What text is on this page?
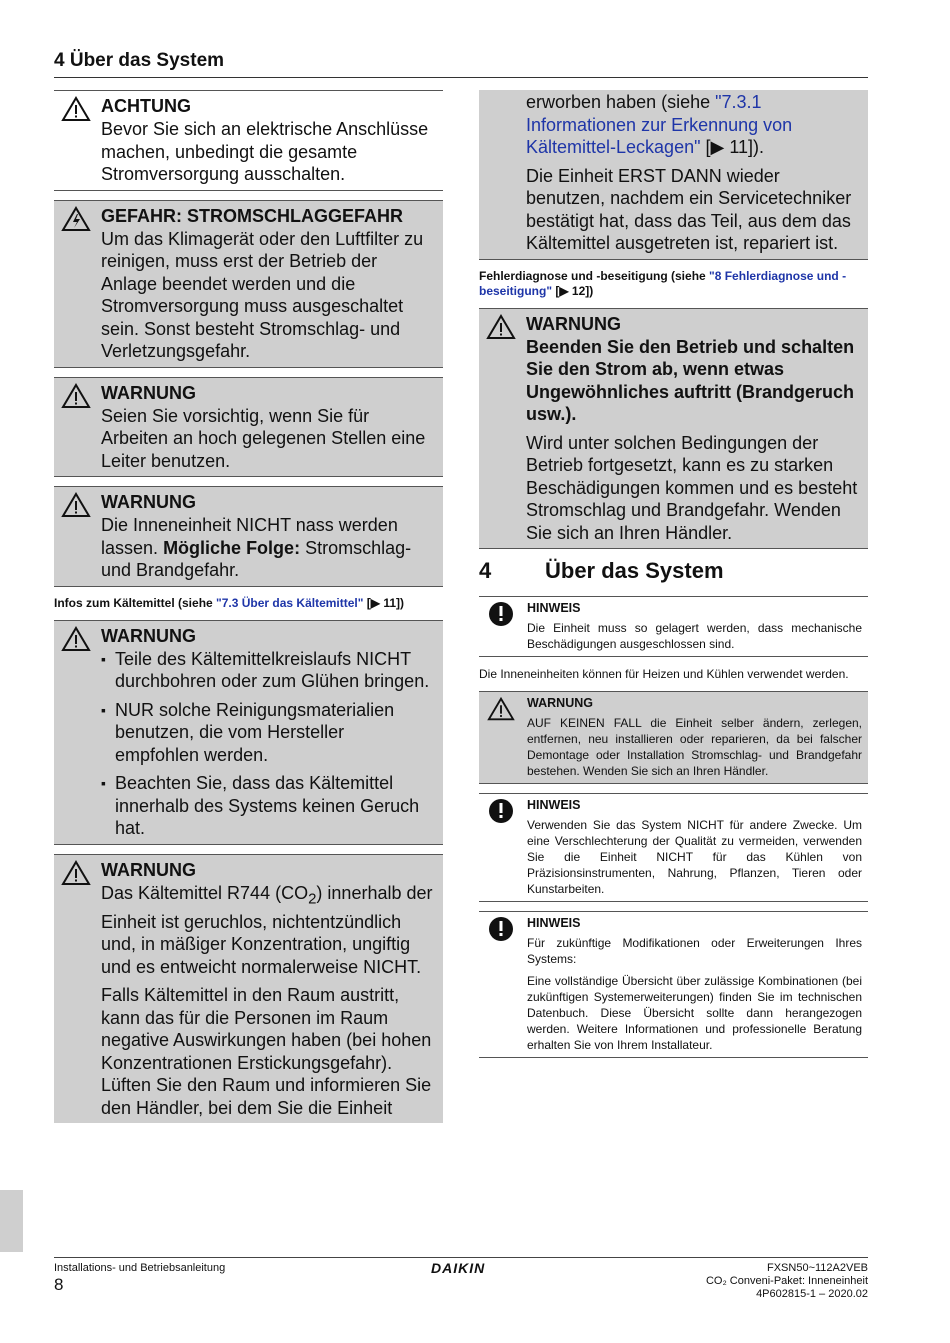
4 Über das System
ACHTUNG
Bevor Sie sich an elektrische Anschlüsse machen, unbedingt die gesamte Stromversorgung ausschalten.
GEFAHR: STROMSCHLAGGEFAHR
Um das Klimagerät oder den Luftfilter zu reinigen, muss erst der Betrieb der Anlage beendet werden und die Stromversorgung muss ausgeschaltet sein. Sonst besteht Stromschlag- und Verletzungsgefahr.
WARNUNG
Seien Sie vorsichtig, wenn Sie für Arbeiten an hoch gelegenen Stellen eine Leiter benutzen.
WARNUNG
Die Inneneinheit NICHT nass werden lassen. Mögliche Folge: Stromschlag- und Brandgefahr.
Infos zum Kältemittel (siehe "7.3 Über das Kältemittel" [▶ 11])
WARNUNG
▪ Teile des Kältemittelkreislaufs NICHT durchbohren oder zum Glühen bringen.
▪ NUR solche Reinigungsmaterialien benutzen, die vom Hersteller empfohlen werden.
▪ Beachten Sie, dass das Kältemittel innerhalb des Systems keinen Geruch hat.
WARNUNG

Das Kältemittel R744 $(CO_2)$ innerhalb der Einheit ist geruchlos, nichtentzündlich und, in mäßiger Konzentration, ungiftig und es entweicht normalerweise NICHT.

Falls Kältemittel in den Raum austritt, kann das für die Personen im Raum negative Auswirkungen haben (bei hohen Konzentrationen Erstickungsgefahr). Lüften Sie den Raum und informieren Sie den Händler, bei dem Sie die Einheit

erworben haben (siehe "7.3.1 Informationen zur Erkennung von Kältemittel-Leckagen" [▶ 11]).

Die Einheit ERST DANN wieder benutzen, nachdem ein Servicetechniker bestätigt hat, dass das Teil, aus dem das Kältemittel ausgetreten ist, repariert ist.

Fehlerdiagnose und -beseitigung (siehe "8 Fehlerdiagnose und -beseitigung" [▶ 12])
WARNUNG

Beenden Sie den Betrieb und schalten Sie den Strom ab, wenn etwas Ungewöhnliches auftritt (Brandgeruch usw.).

Wird unter solchen Bedingungen der Betrieb fortgesetzt, kann es zu starken Beschädigungen kommen und es besteht Stromschlag und Brandgefahr. Wenden Sie sich an Ihren Händler.

4 Über das System
HINWEIS

Die Einheit muss so gelagert werden, dass mechanische Beschädigungen ausgeschlossen sind.

Die Inneneinheiten können für Heizen und Kühlen verwendet werden.
WARNUNG

AUF KEINEN FALL die Einheit selber ändern, zerlegen, entfernen, neu installieren oder reparieren, da bei falscher Demontage oder Installation Stromschlag- und Brandgefahr bestehen. Wenden Sie sich an Ihren Händler.

HINWEIS

Verwenden Sie das System NICHT für andere Zwecke. Um eine Verschlechterung der Qualität zu vermeiden, verwenden Sie die Einheit NICHT für das Kühlen von Präzisionsinstrumenten, Nahrung, Pflanzen, Tieren oder Kunstarbeiten.

HINWEIS

Für zukünftige Modifikationen oder Erweiterungen Ihres Systems:

Eine vollständige Übersicht über zulässige Kombinationen (bei zukünftigen Systemerweiterungen) finden Sie im technischen Datenbuch. Diese Übersicht sollte dann herangezogen werden. Weitere Informationen und professionelle Beratung erhalten Sie von Ihrem Installateur.

Installations- und Betriebsanleitung
8
DAIKIN	FXSN50~112A2VEB
CO₂ Conveni-Paket: Inneneinheit
4P602815-1 – 2020.02
